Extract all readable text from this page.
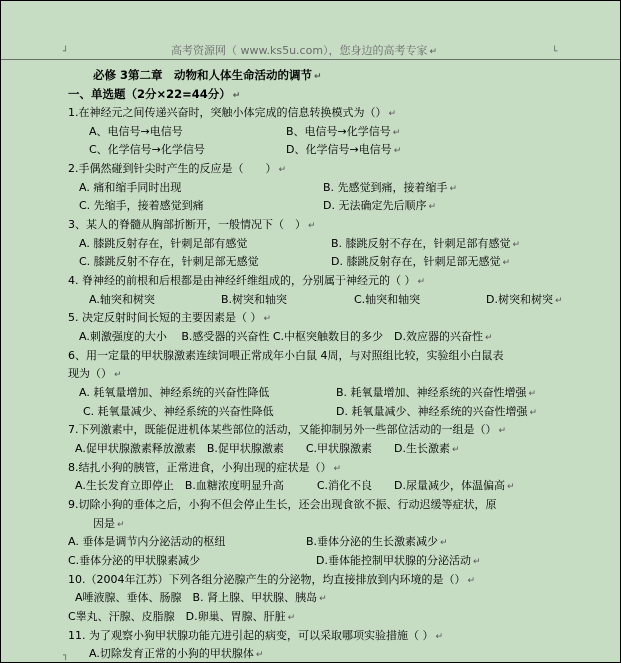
┘	└
┐
高考资源网（ www.ks5u.com），您身边的高考专家 ↵
必修 3第二章　动物和人体生命活动的调节 ↵
一、单选题（2分×22=44分） ↵
1.在神经元之间传递兴奋时，突触小体完成的信息转换模式为（） ↵
A、电信号→电信号	B、电信号→化学信号 ↵
C、化学信号→化学信号	D、化学信号→电信号 ↵
2.手偶然碰到针尖时产生的反应是（　　） ↵
A. 痛和缩手同时出现	B. 先感觉到痛，接着缩手 ↵
C. 先缩手，接着感觉到痛	D. 无法确定先后顺序 ↵
3、某人的脊髓从胸部折断开，一般情况下（　） ↵
A. 膝跳反射存在，针刺足部有感觉	B. 膝跳反射不存在，针刺足部有感觉 ↵
C. 膝跳反射不存在，针刺足部无感觉	D. 膝跳反射存在，针刺足部无感觉 ↵
4. 脊神经的前根和后根都是由神经纤维组成的，分别属于神经元的（ ） ↵
A.轴突和树突	B.树突和轴突	C.轴突和轴突	D.树突和树突 ↵
5. 决定反射时间长短的主要因素是（ ） ↵
A.刺激强度的大小　 B.感受器的兴奋性 C.中枢突触数目的多少　D.效应器的兴奋性 ↵
6、用一定量的甲状腺激素连续饲喂正常成年小白鼠 4周，与对照组比较，实验组小白鼠表
现为（） ↵
A. 耗氧量增加、神经系统的兴奋性降低	B. 耗氧量增加、神经系统的兴奋性增强 ↵
C. 耗氧量减少、神经系统的兴奋性降低	D. 耗氧量减少、神经系统的兴奋性增强 ↵
7.下列激素中，既能促进机体某些部位的活动，又能抑制另外一些部位活动的一组是（） ↵
A.促甲状腺激素释放激素　B.促甲状腺激素　　C.甲状腺激素　　D.生长激素 ↵
8.结扎小狗的胰管，正常进食，小狗出现的症状是（） ↵
A.生长发育立即停止　B.血糖浓度明显升高　　　C.消化不良　　D.尿量减少，体温偏高 ↵
9.切除小狗的垂体之后，小狗不但会停止生长，还会出现食欲不振、行动迟缓等症状，原
因是 ↵
A. 垂体是调节内分泌活动的枢纽	B.垂体分泌的生长激素减少 ↵
C.垂体分泌的甲状腺素减少	D.垂体能控制甲状腺的分泌活动 ↵
10.（2004年江苏）下列各组分泌腺产生的分泌物，均直接排放到内环境的是（） ↵
A唾液腺、垂体、肠腺　B. 肾上腺、甲状腺、胰岛 ↵
C睾丸、汗腺、皮脂腺　D.卵巢、胃腺、肝脏 ↵
11. 为了观察小狗甲状腺功能亢进引起的病变，可以采取哪项实验措施（ ） ↵
A.切除发育正常的小狗的甲状腺体 ↵
